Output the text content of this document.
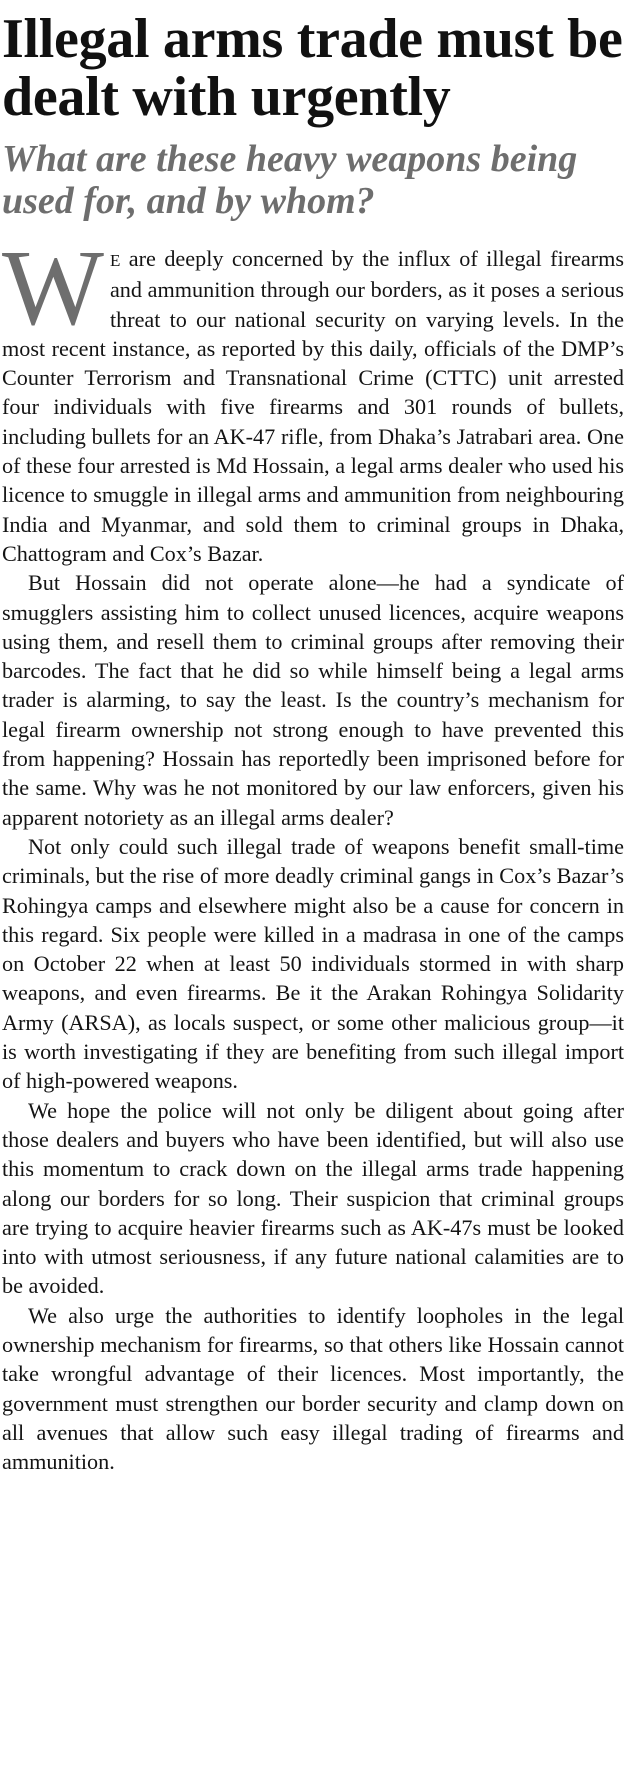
Illegal arms trade must be dealt with urgently
What are these heavy weapons being used for, and by whom?

W E are deeply concerned by the influx of illegal firearms and ammunition through our borders, as it poses a serious threat to our national security on varying levels. In the most recent instance, as reported by this daily, officials of the DMP’s Counter Terrorism and Transnational Crime (CTTC) unit arrested four individuals with five firearms and 301 rounds of bullets, including bullets for an AK-47 rifle, from Dhaka’s Jatrabari area. One of these four arrested is Md Hossain, a legal arms dealer who used his licence to smuggle in illegal arms and ammunition from neighbouring India and Myanmar, and sold them to criminal groups in Dhaka, Chattogram and Cox’s Bazar.

But Hossain did not operate alone—he had a syndicate of smugglers assisting him to collect unused licences, acquire weapons using them, and resell them to criminal groups after removing their barcodes. The fact that he did so while himself being a legal arms trader is alarming, to say the least. Is the country’s mechanism for legal firearm ownership not strong enough to have prevented this from happening? Hossain has reportedly been imprisoned before for the same. Why was he not monitored by our law enforcers, given his apparent notoriety as an illegal arms dealer?

Not only could such illegal trade of weapons benefit small-time criminals, but the rise of more deadly criminal gangs in Cox’s Bazar’s Rohingya camps and elsewhere might also be a cause for concern in this regard. Six people were killed in a madrasa in one of the camps on October 22 when at least 50 individuals stormed in with sharp weapons, and even firearms. Be it the Arakan Rohingya Solidarity Army (ARSA), as locals suspect, or some other malicious group—it is worth investigating if they are benefiting from such illegal import of high-powered weapons.

We hope the police will not only be diligent about going after those dealers and buyers who have been identified, but will also use this momentum to crack down on the illegal arms trade happening along our borders for so long. Their suspicion that criminal groups are trying to acquire heavier firearms such as AK-47s must be looked into with utmost seriousness, if any future national calamities are to be avoided.

We also urge the authorities to identify loopholes in the legal ownership mechanism for firearms, so that others like Hossain cannot take wrongful advantage of their licences. Most importantly, the government must strengthen our border security and clamp down on all avenues that allow such easy illegal trading of firearms and ammunition.
